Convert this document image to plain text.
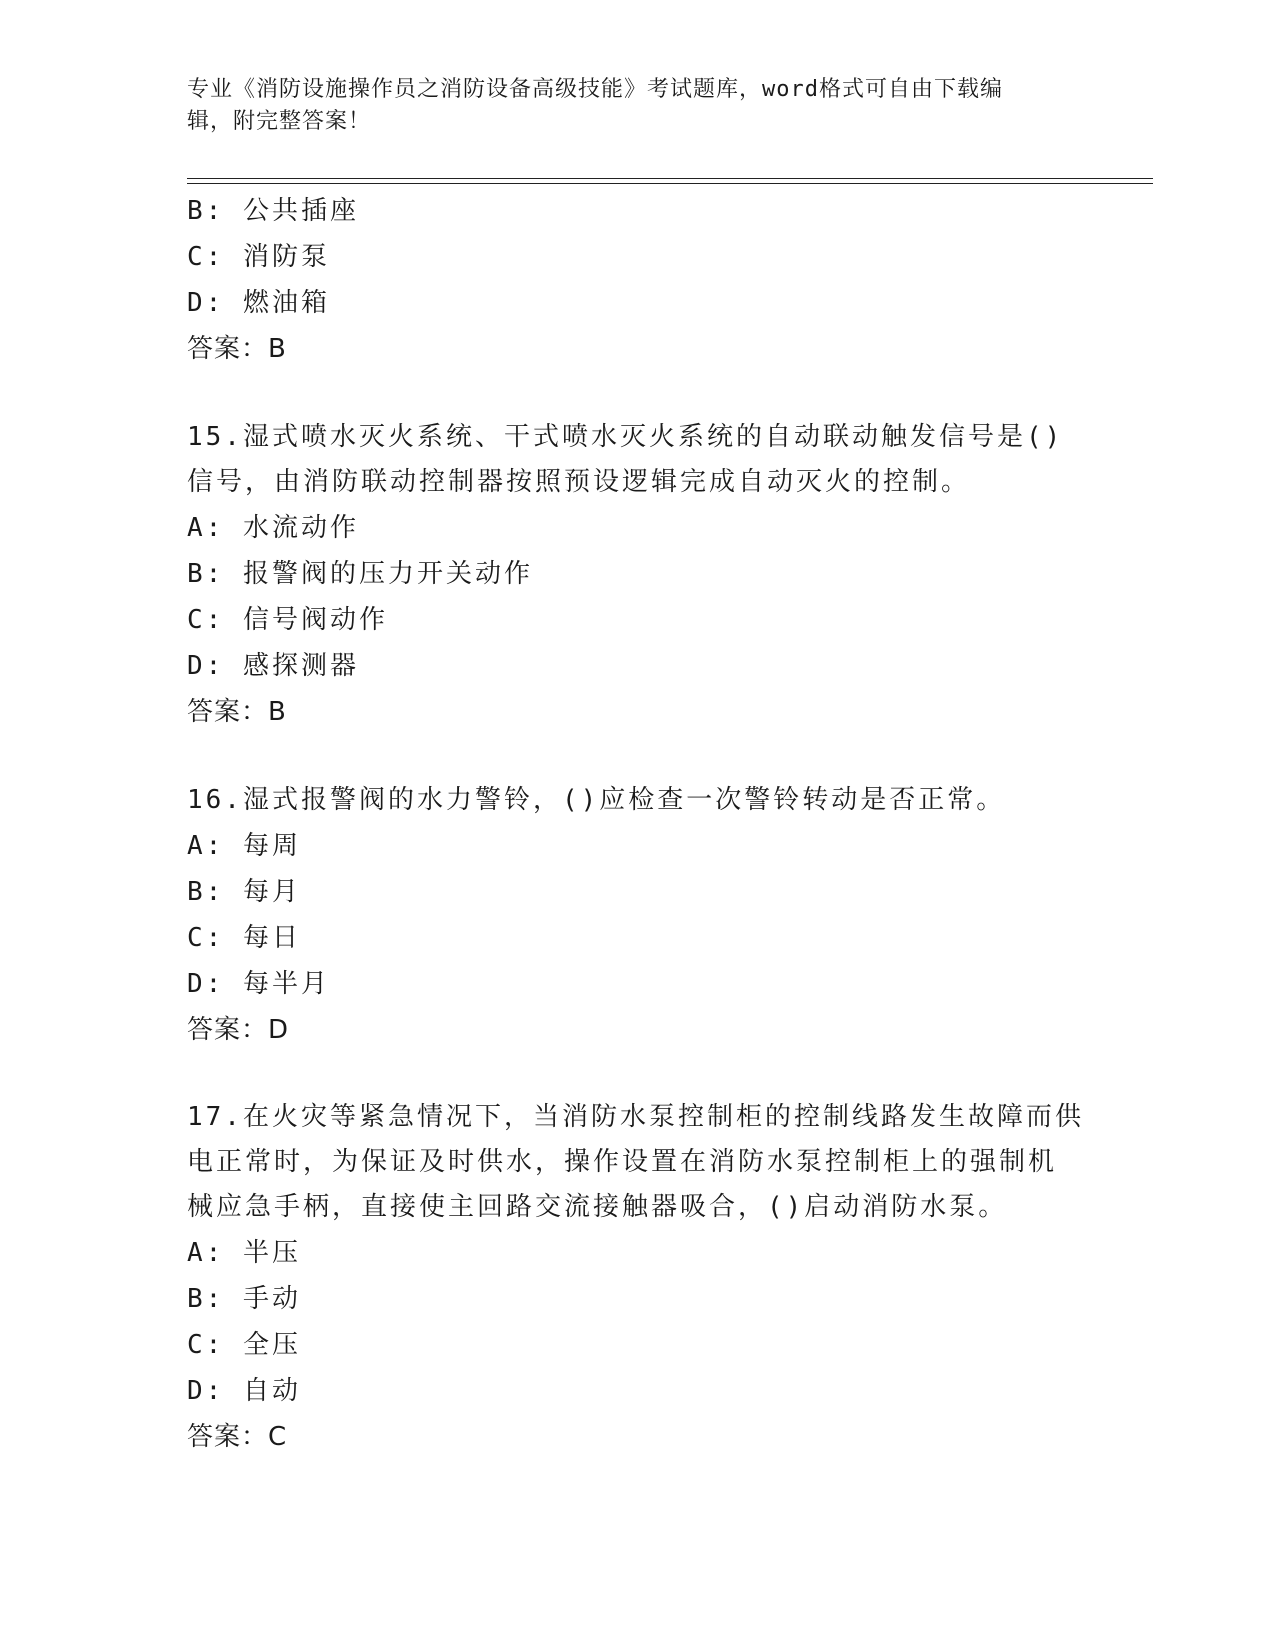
专业《消防设施操作员之消防设备高级技能》考试题库，word格式可自由下载编
辑，附完整答案！
B: 公共插座
C: 消防泵
D: 燃油箱
答案：B
15.湿式喷水灭火系统、干式喷水灭火系统的自动联动触发信号是()
信号，由消防联动控制器按照预设逻辑完成自动灭火的控制。
A: 水流动作
B: 报警阀的压力开关动作
C: 信号阀动作
D: 感探测器
答案：B
16.湿式报警阀的水力警铃，()应检查一次警铃转动是否正常。
A: 每周
B: 每月
C: 每日
D: 每半月
答案：D
17.在火灾等紧急情况下，当消防水泵控制柜的控制线路发生故障而供
电正常时，为保证及时供水，操作设置在消防水泵控制柜上的强制机
械应急手柄，直接使主回路交流接触器吸合，()启动消防水泵。
A: 半压
B: 手动
C: 全压
D: 自动
答案：C
